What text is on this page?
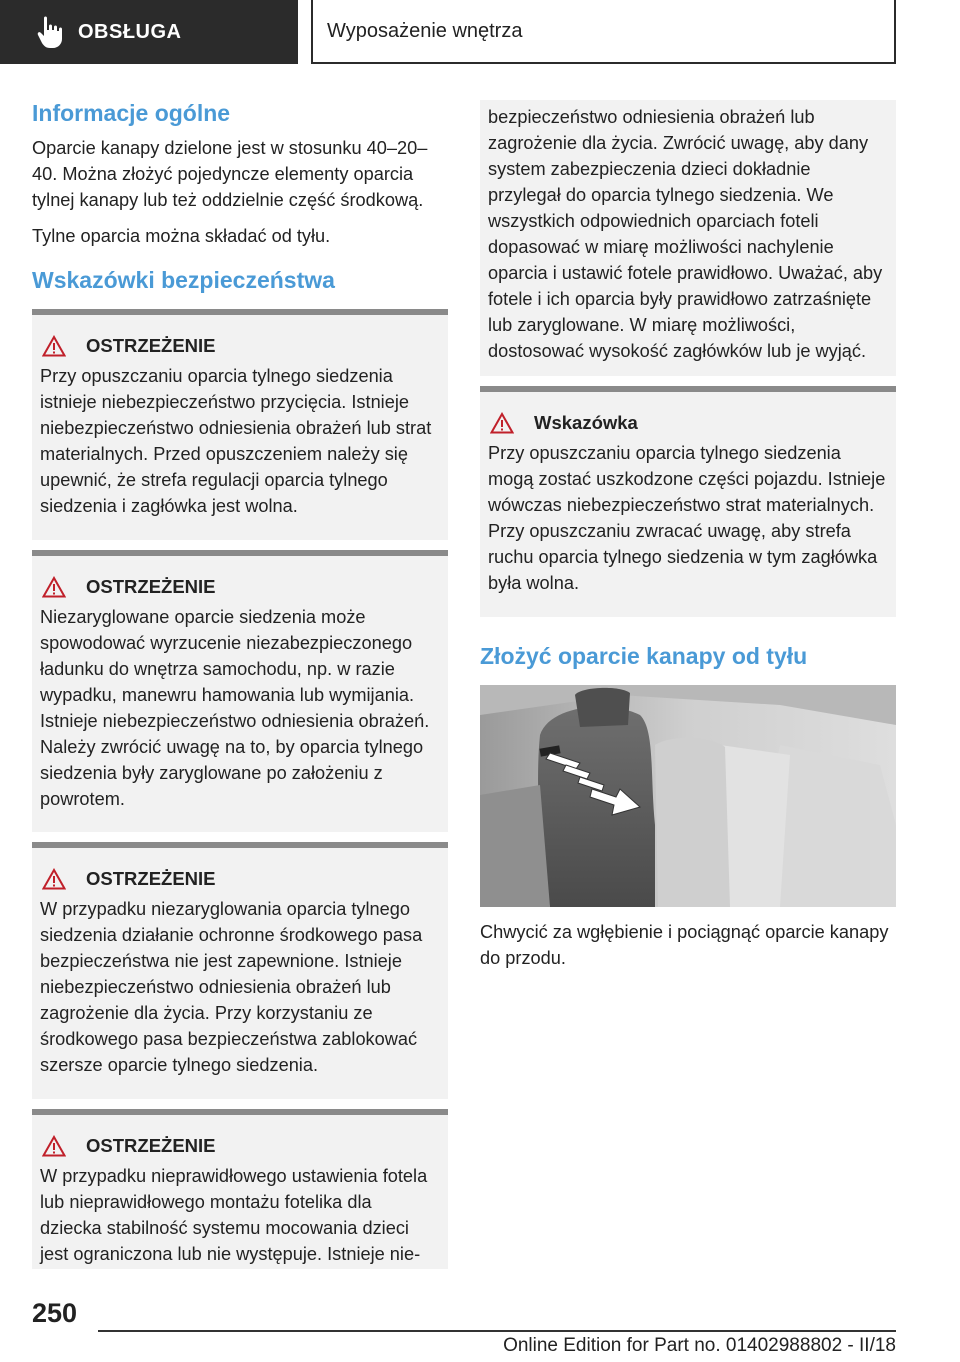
OBSŁUGA	Wyposażenie wnętrza
Informacje ogólne

Oparcie kanapy dzielone jest w stosunku 40–20–40. Można złożyć pojedyncze elementy oparcia tylnej kanapy lub też oddzielnie część środkową.

Tylne oparcia można składać od tyłu.

Wskazówki bezpieczeństwa
OSTRZEŻENIE

Przy opuszczaniu oparcia tylnego siedzenia istnieje niebezpieczeństwo przycięcia. Istnieje niebezpieczeństwo odniesienia obrażeń lub strat materialnych. Przed opuszczeniem należy się upewnić, że strefa regulacji oparcia tylnego siedzenia i zagłówka jest wolna.

OSTRZEŻENIE

Niezaryglowane oparcie siedzenia może spowodować wyrzucenie niezabezpieczonego ładunku do wnętrza samochodu, np. w razie wypadku, manewru hamowania lub wymijania. Istnieje niebezpieczeństwo odniesienia obrażeń. Należy zwrócić uwagę na to, by oparcia tylnego siedzenia były zaryglowane po założeniu z powrotem.

OSTRZEŻENIE

W przypadku niezaryglowania oparcia tylnego siedzenia działanie ochronne środkowego pasa bezpieczeństwa nie jest zapewnione. Istnieje niebezpieczeństwo odniesienia obrażeń lub zagrożenie dla życia. Przy korzystaniu ze środkowego pasa bezpieczeństwa zablokować szersze oparcie tylnego siedzenia.

OSTRZEŻENIE

W przypadku nieprawidłowego ustawienia fotela lub nieprawidłowego montażu fotelika dla dziecka stabilność systemu mocowania dzieci jest ograniczona lub nie występuje. Istnieje nie-

bezpieczeństwo odniesienia obrażeń lub zagrożenie dla życia. Zwrócić uwagę, aby dany system zabezpieczenia dzieci dokładnie przylegał do oparcia tylnego siedzenia. We wszystkich odpowiednich oparciach foteli dopasować w miarę możliwości nachylenie oparcia i ustawić fotele prawidłowo. Uważać, aby fotele i ich oparcia były prawidłowo zatrzaśnięte lub zaryglowane. W miarę możliwości, dostosować wysokość zagłówków lub je wyjąć.

Wskazówka

Przy opuszczaniu oparcia tylnego siedzenia mogą zostać uszkodzone części pojazdu. Istnieje wówczas niebezpieczeństwo strat materialnych. Przy opuszczaniu zwracać uwagę, aby strefa ruchu oparcia tylnego siedzenia w tym zagłówka była wolna.

Złożyć oparcie kanapy od tyłu

Chwycić za wgłębienie i pociągnąć oparcie kanapy do przodu.

250
Online Edition for Part no. 01402988802 - II/18
